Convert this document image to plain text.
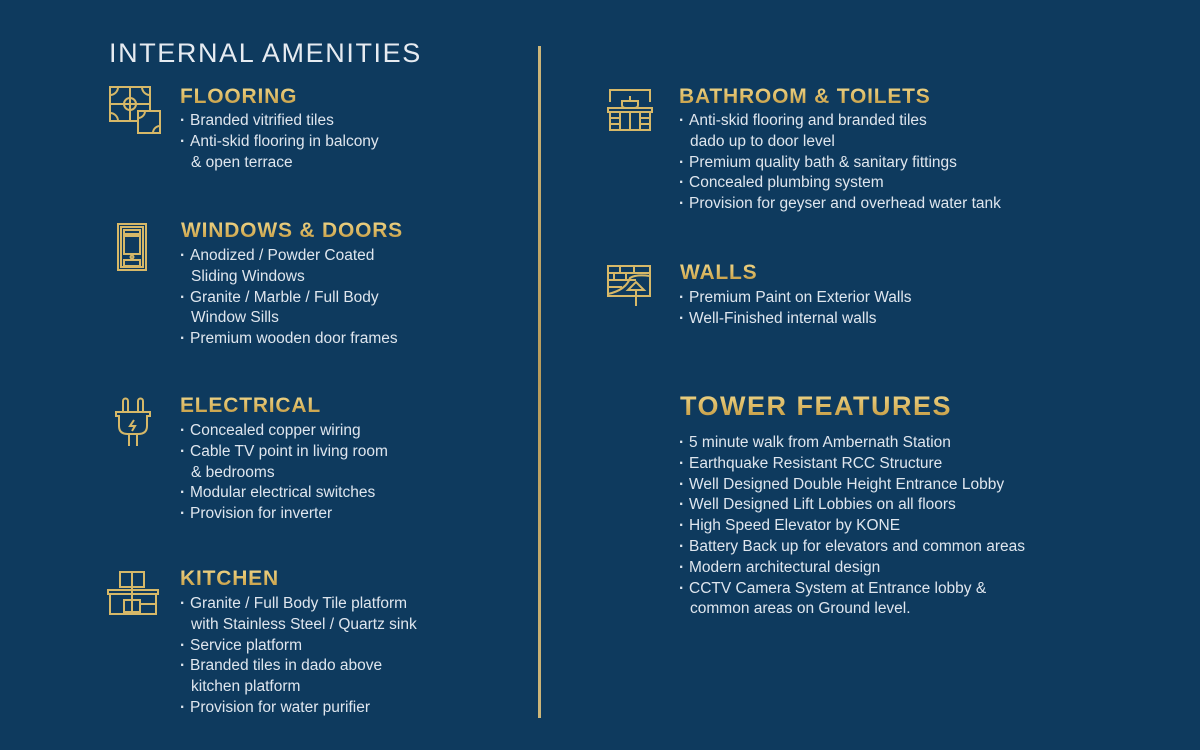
INTERNAL AMENITIES
FLOORING
· Branded vitrified tiles
· Anti-skid flooring in balcony
& open terrace
WINDOWS & DOORS
· Anodized / Powder Coated
Sliding Windows
· Granite / Marble / Full Body
Window Sills
· Premium wooden door frames
ELECTRICAL
· Concealed copper wiring
· Cable TV point in living room
& bedrooms
· Modular electrical switches
· Provision for inverter
KITCHEN
· Granite / Full Body Tile platform
with Stainless Steel / Quartz sink
· Service platform
· Branded tiles in dado above
kitchen platform
· Provision for water purifier
BATHROOM & TOILETS
· Anti-skid flooring and branded tiles
dado up to door level
· Premium quality bath & sanitary fittings
· Concealed plumbing system
· Provision for geyser and overhead water tank
WALLS
· Premium Paint on Exterior Walls
· Well-Finished internal walls
TOWER FEATURES
· 5 minute walk from Ambernath Station
· Earthquake Resistant RCC Structure
· Well Designed Double Height Entrance Lobby
· Well Designed Lift Lobbies on all floors
· High Speed Elevator by KONE
· Battery Back up for elevators and common areas
· Modern architectural design
· CCTV Camera System at Entrance lobby &
common areas on Ground level.
